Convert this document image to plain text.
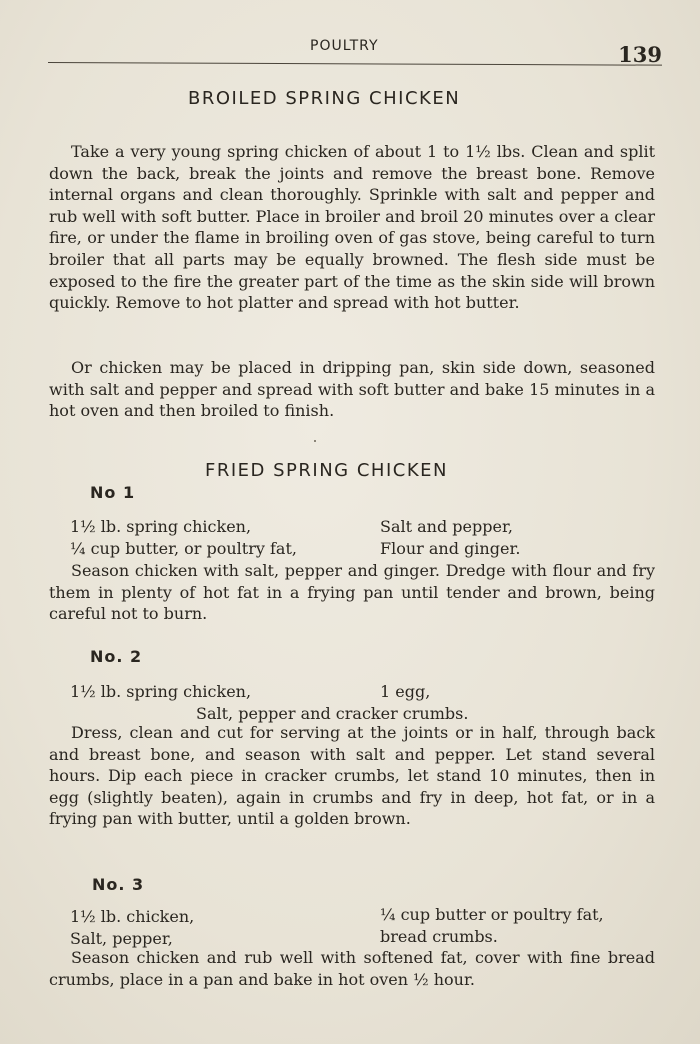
POULTRY	139
BROILED SPRING CHICKEN

Take a very young spring chicken of about 1 to 1½ lbs. Clean and split down the back, break the joints and remove the breast bone. Remove internal organs and clean thoroughly. Sprinkle with salt and pepper and rub well with soft butter. Place in broiler and broil 20 minutes over a clear fire, or under the flame in broiling oven of gas stove, being careful to turn broiler that all parts may be equally browned. The flesh side must be exposed to the fire the greater part of the time as the skin side will brown quickly. Remove to hot platter and spread with hot butter.

Or chicken may be placed in dripping pan, skin side down, seasoned with salt and pepper and spread with soft butter and bake 15 minutes in a hot oven and then broiled to finish.

FRIED SPRING CHICKEN
No 1
1½ lb. spring chicken,	Salt and pepper,
¼ cup butter, or poultry fat,	Flour and ginger.

Season chicken with salt, pepper and ginger. Dredge with flour and fry them in plenty of hot fat in a frying pan until tender and brown, being careful not to burn.

No. 2
1½ lb. spring chicken,	1 egg,
Salt, pepper and cracker crumbs.

Dress, clean and cut for serving at the joints or in half, through back and breast bone, and season with salt and pepper. Let stand several hours. Dip each piece in cracker crumbs, let stand 10 minutes, then in egg (slightly beaten), again in crumbs and fry in deep, hot fat, or in a frying pan with butter, until a golden brown.

No. 3
1½ lb. chicken,	¼ cup butter or poultry fat,
Salt, pepper,	bread crumbs.

Season chicken and rub well with softened fat, cover with fine bread crumbs, place in a pan and bake in hot oven ½ hour.
